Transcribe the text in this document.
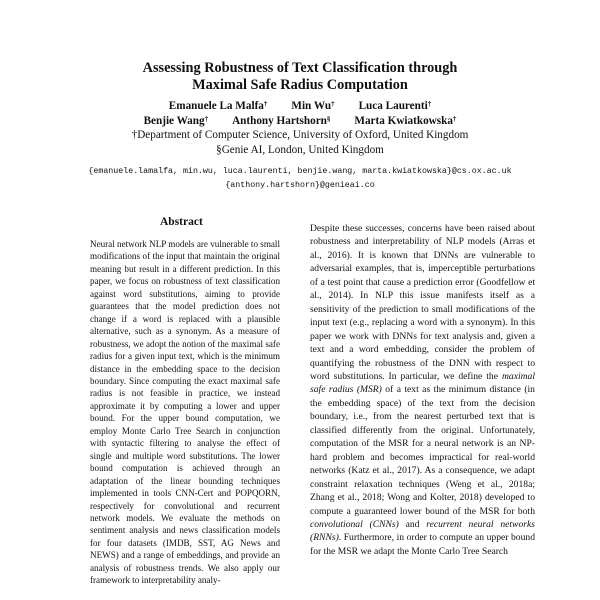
Assessing Robustness of Text Classification through
Maximal Safe Radius Computation
Emanuele La Malfa† Min Wu† Luca Laurenti†
Benjie Wang† Anthony Hartshorn§ Marta Kwiatkowska†
†Department of Computer Science, University of Oxford, United Kingdom
§Genie AI, London, United Kingdom
{emanuele.lamalfa, min.wu, luca.laurenti, benjie.wang, marta.kwiatkowska}@cs.ox.ac.uk
{anthony.hartshorn}@genieai.co
Abstract

Neural network NLP models are vulnerable to small modifications of the input that maintain the original meaning but result in a different prediction. In this paper, we focus on robustness of text classification against word substitutions, aiming to provide guarantees that the model prediction does not change if a word is replaced with a plausible alternative, such as a synonym. As a measure of robustness, we adopt the notion of the maximal safe radius for a given input text, which is the minimum distance in the embedding space to the decision boundary. Since computing the exact maximal safe radius is not feasible in practice, we instead approximate it by computing a lower and upper bound. For the upper bound computation, we employ Monte Carlo Tree Search in conjunction with syntactic filtering to analyse the effect of single and multiple word substitutions. The lower bound computation is achieved through an adaptation of the linear bounding techniques implemented in tools CNN-Cert and POPQORN, respectively for convolutional and recurrent network models. We evaluate the methods on sentiment analysis and news classification models for four datasets (IMDB, SST, AG News and NEWS) and a range of embeddings, and provide an analysis of robustness trends. We also apply our framework to interpretability analy-

Despite these successes, concerns have been raised about robustness and interpretability of NLP models (Arras et al., 2016). It is known that DNNs are vulnerable to adversarial examples, that is, imperceptible perturbations of a test point that cause a prediction error (Goodfellow et al., 2014). In NLP this issue manifests itself as a sensitivity of the prediction to small modifications of the input text (e.g., replacing a word with a synonym). In this paper we work with DNNs for text analysis and, given a text and a word embedding, consider the problem of quantifying the robustness of the DNN with respect to word substitutions. In particular, we define the maximal safe radius (MSR) of a text as the minimum distance (in the embedding space) of the text from the decision boundary, i.e., from the nearest perturbed text that is classified differently from the original. Unfortunately, computation of the MSR for a neural network is an NP-hard problem and becomes impractical for real-world networks (Katz et al., 2017). As a consequence, we adapt constraint relaxation techniques (Weng et al., 2018a; Zhang et al., 2018; Wong and Kolter, 2018) developed to compute a guaranteed lower bound of the MSR for both convolutional (CNNs) and recurrent neural networks (RNNs). Furthermore, in order to compute an upper bound for the MSR we adapt the Monte Carlo Tree Search
